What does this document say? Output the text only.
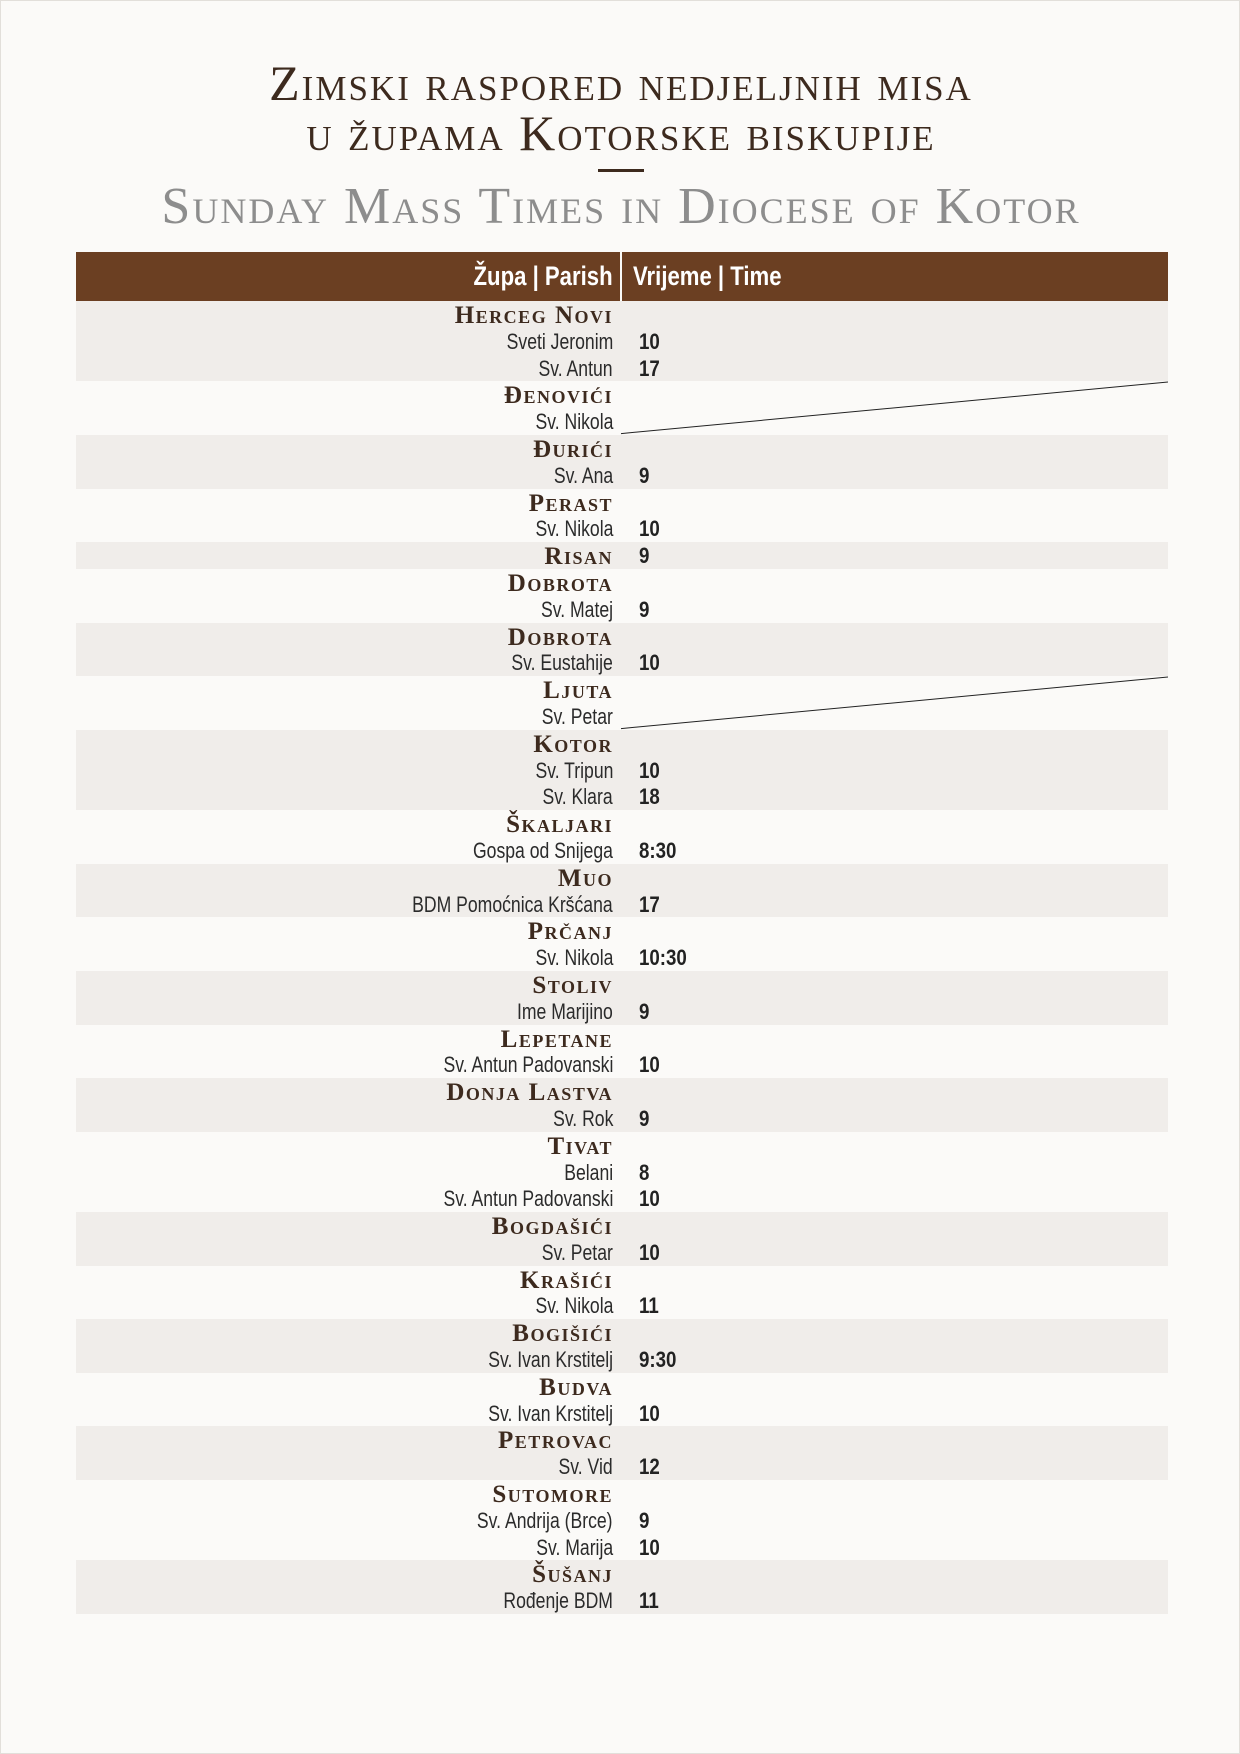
Zimski raspored nedjeljnih misa
u župama Kotorske biskupije
Sunday Mass Times in Diocese of Kotor
Župa | Parish Vrijeme | Time
Herceg Novi
Sveti Jeronim 10
Sv. Antun 17
Đenovići
Sv. Nikola
Đurići
Sv. Ana 9
Perast
Sv. Nikola 10
Risan 9
Dobrota
Sv. Matej 9
Dobrota
Sv. Eustahije 10
Ljuta
Sv. Petar
Kotor
Sv. Tripun 10
Sv. Klara 18
Škaljari
Gospa od Snijega 8:30
Muo
BDM Pomoćnica Kršćana 17
Prčanj
Sv. Nikola 10:30
Stoliv
Ime Marijino 9
Lepetane
Sv. Antun Padovanski 10
Donja Lastva
Sv. Rok 9
Tivat
Belani 8
Sv. Antun Padovanski 10
Bogdašići
Sv. Petar 10
Krašići
Sv. Nikola 11
Bogišići
Sv. Ivan Krstitelj 9:30
Budva
Sv. Ivan Krstitelj 10
Petrovac
Sv. Vid 12
Sutomore
Sv. Andrija (Brce) 9
Sv. Marija 10
Šušanj
Rođenje BDM 11
